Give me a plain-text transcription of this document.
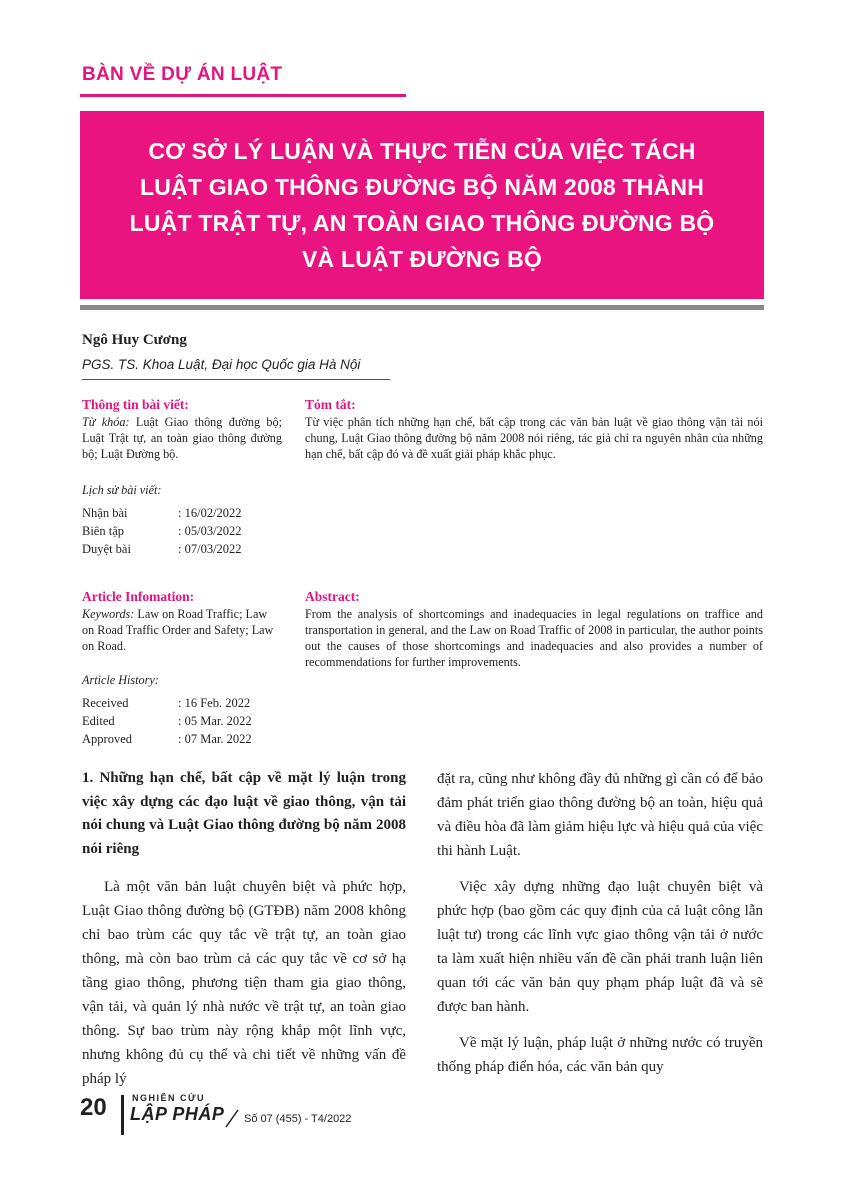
BÀN VỀ DỰ ÁN LUẬT
CƠ SỞ LÝ LUẬN VÀ THỰC TIỄN CỦA VIỆC TÁCH
LUẬT GIAO THÔNG ĐƯỜNG BỘ NĂM 2008 THÀNH
LUẬT TRẬT TỰ, AN TOÀN GIAO THÔNG ĐƯỜNG BỘ
VÀ LUẬT ĐƯỜNG BỘ
Ngô Huy Cương
PGS. TS. Khoa Luật, Đại học Quốc gia Hà Nội
Thông tin bài viết:
Từ khóa: Luật Giao thông đường bộ; Luật Trật tự, an toàn giao thông đường bộ; Luật Đường bộ.
Lịch sử bài viết:
Nhận bài	: 16/02/2022
Biên tập	: 05/03/2022
Duyệt bài	: 07/03/2022
Tóm tắt:
Từ việc phân tích những hạn chế, bất cập trong các văn bản luật về giao thông vận tải nói chung, Luật Giao thông đường bộ năm 2008 nói riêng, tác giả chỉ ra nguyên nhân của những hạn chế, bất cập đó và đề xuất giải pháp khắc phục.
Article Infomation:
Keywords: Law on Road Traffic; Law on Road Traffic Order and Safety; Law on Road.
Article History:
Received	: 16 Feb. 2022
Edited	: 05 Mar. 2022
Approved	: 07 Mar. 2022
Abstract:
From the analysis of shortcomings and inadequacies in legal regulations on traffice and transportation in general, and the Law on Road Traffic of 2008 in particular, the author points out the causes of those shortcomings and inadequacies and also provides a number of recommendations for further improvements.
1. Những hạn chế, bất cập về mặt lý luận trong việc xây dựng các đạo luật về giao thông, vận tải nói chung và Luật Giao thông đường bộ năm 2008 nói riêng

Là một văn bản luật chuyên biệt và phức hợp, Luật Giao thông đường bộ (GTĐB) năm 2008 không chỉ bao trùm các quy tắc về trật tự, an toàn giao thông, mà còn bao trùm cả các quy tắc về cơ sở hạ tầng giao thông, phương tiện tham gia giao thông, vận tải, và quản lý nhà nước về trật tự, an toàn giao thông. Sự bao trùm này rộng khắp một lĩnh vực, nhưng không đủ cụ thể và chi tiết về những vấn đề pháp lý

đặt ra, cũng như không đầy đủ những gì cần có để bảo đảm phát triển giao thông đường bộ an toàn, hiệu quả và điều hòa đã làm giảm hiệu lực và hiệu quả của việc thi hành Luật.

Việc xây dựng những đạo luật chuyên biệt và phức hợp (bao gồm các quy định của cả luật công lẫn luật tư) trong các lĩnh vực giao thông vận tải ở nước ta làm xuất hiện nhiều vấn đề cần phải tranh luận liên quan tới các văn bản quy phạm pháp luật đã và sẽ được ban hành.

Về mặt lý luận, pháp luật ở những nước có truyền thống pháp điển hóa, các văn bản quy

20	NGHIÊN CỨU
LẬP PHÁP Số 07 (455) - T4/2022
